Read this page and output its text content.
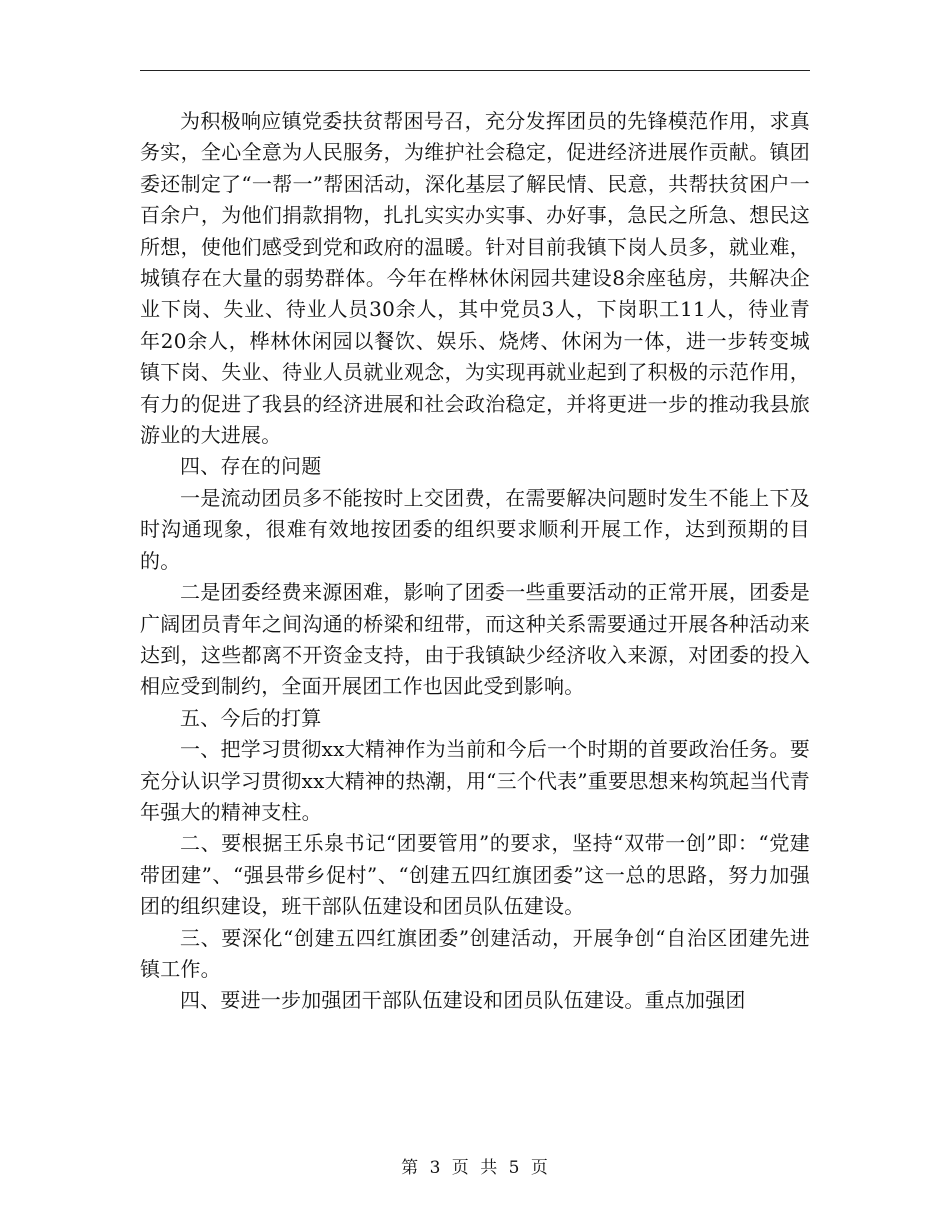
为积极响应镇党委扶贫帮困号召，充分发挥团员的先锋模范作用，求真务实，全心全意为人民服务，为维护社会稳定，促进经济进展作贡献。镇团委还制定了“一帮一”帮困活动，深化基层了解民情、民意，共帮扶贫困户一百余户，为他们捐款捐物，扎扎实实办实事、办好事，急民之所急、想民这所想，使他们感受到党和政府的温暖。针对目前我镇下岗人员多，就业难，城镇存在大量的弱势群体。今年在桦林休闲园共建设8余座毡房，共解决企业下岗、失业、待业人员30余人，其中党员3人，下岗职工11人，待业青年20余人，桦林休闲园以餐饮、娱乐、烧烤、休闲为一体，进一步转变城镇下岗、失业、待业人员就业观念，为实现再就业起到了积极的示范作用，有力的促进了我县的经济进展和社会政治稳定，并将更进一步的推动我县旅游业的大进展。

四、存在的问题

一是流动团员多不能按时上交团费，在需要解决问题时发生不能上下及时沟通现象，很难有效地按团委的组织要求顺利开展工作，达到预期的目的。

二是团委经费来源困难，影响了团委一些重要活动的正常开展，团委是广阔团员青年之间沟通的桥梁和纽带，而这种关系需要通过开展各种活动来达到，这些都离不开资金支持，由于我镇缺少经济收入来源，对团委的投入相应受到制约，全面开展团工作也因此受到影响。

五、今后的打算

一、把学习贯彻xx大精神作为当前和今后一个时期的首要政治任务。要充分认识学习贯彻xx大精神的热潮，用“三个代表”重要思想来构筑起当代青年强大的精神支柱。

二、要根据王乐泉书记“团要管用”的要求，坚持“双带一创”即：“党建带团建”、“强县带乡促村”、“创建五四红旗团委”这一总的思路，努力加强团的组织建设，班干部队伍建设和团员队伍建设。

三、要深化“创建五四红旗团委”创建活动，开展争创“自治区团建先进镇工作。

四、要进一步加强团干部队伍建设和团员队伍建设。重点加强团

第 3 页 共 5 页
